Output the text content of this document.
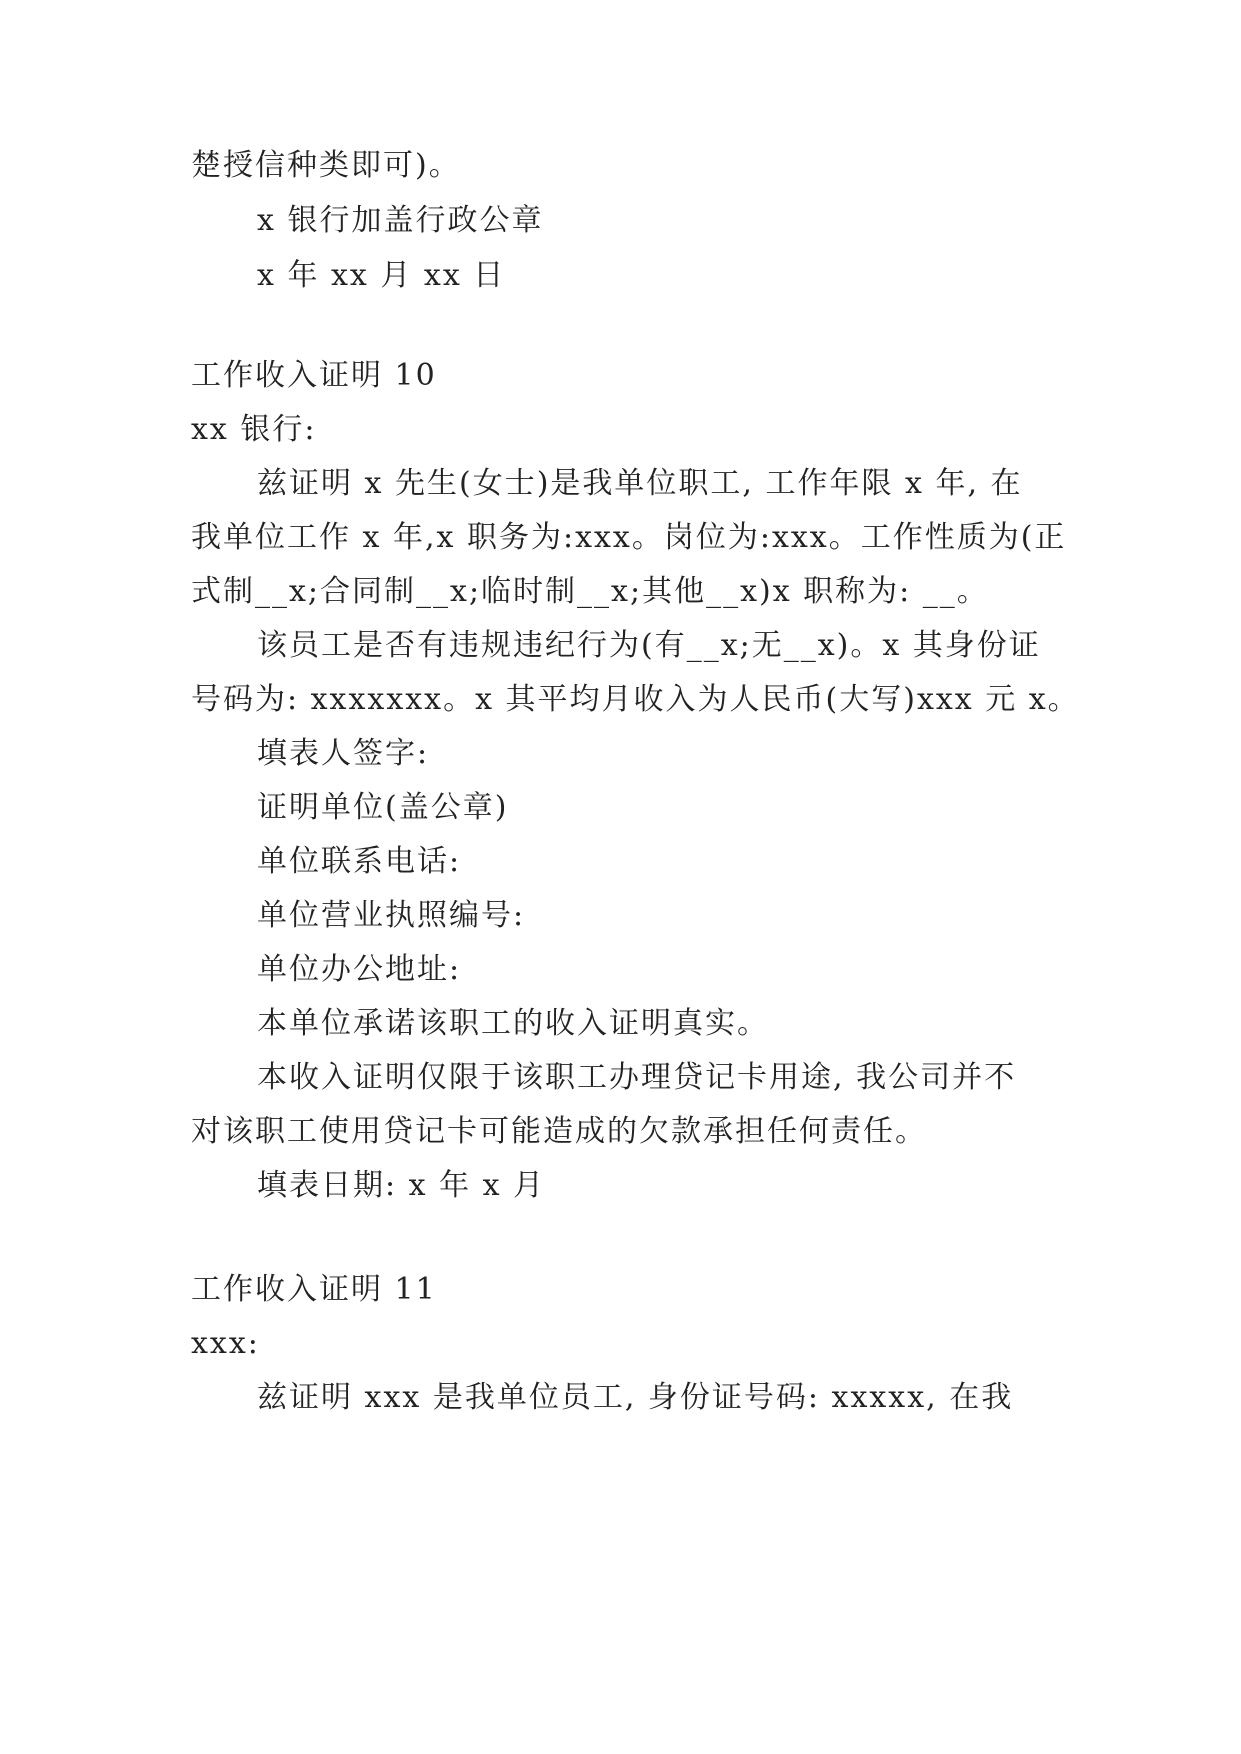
楚授信种类即可)。
x 银行加盖行政公章
x 年 xx 月 xx 日
工作收入证明 10
xx 银行:
兹证明 x 先生(女士)是我单位职工, 工作年限 x 年, 在
我单位工作 x 年,x 职务为:xxx。岗位为:xxx。工作性质为(正
式制__x;合同制__x;临时制__x;其他__x)x 职称为: __。
该员工是否有违规违纪行为(有__x;无__x)。x 其身份证
号码为: xxxxxxx。x 其平均月收入为人民币(大写)xxx 元 x。
填表人签字:
证明单位(盖公章)
单位联系电话:
单位营业执照编号:
单位办公地址:
本单位承诺该职工的收入证明真实。
本收入证明仅限于该职工办理贷记卡用途, 我公司并不
对该职工使用贷记卡可能造成的欠款承担任何责任。
填表日期: x 年 x 月
工作收入证明 11
xxx:
兹证明 xxx 是我单位员工, 身份证号码: xxxxx, 在我
